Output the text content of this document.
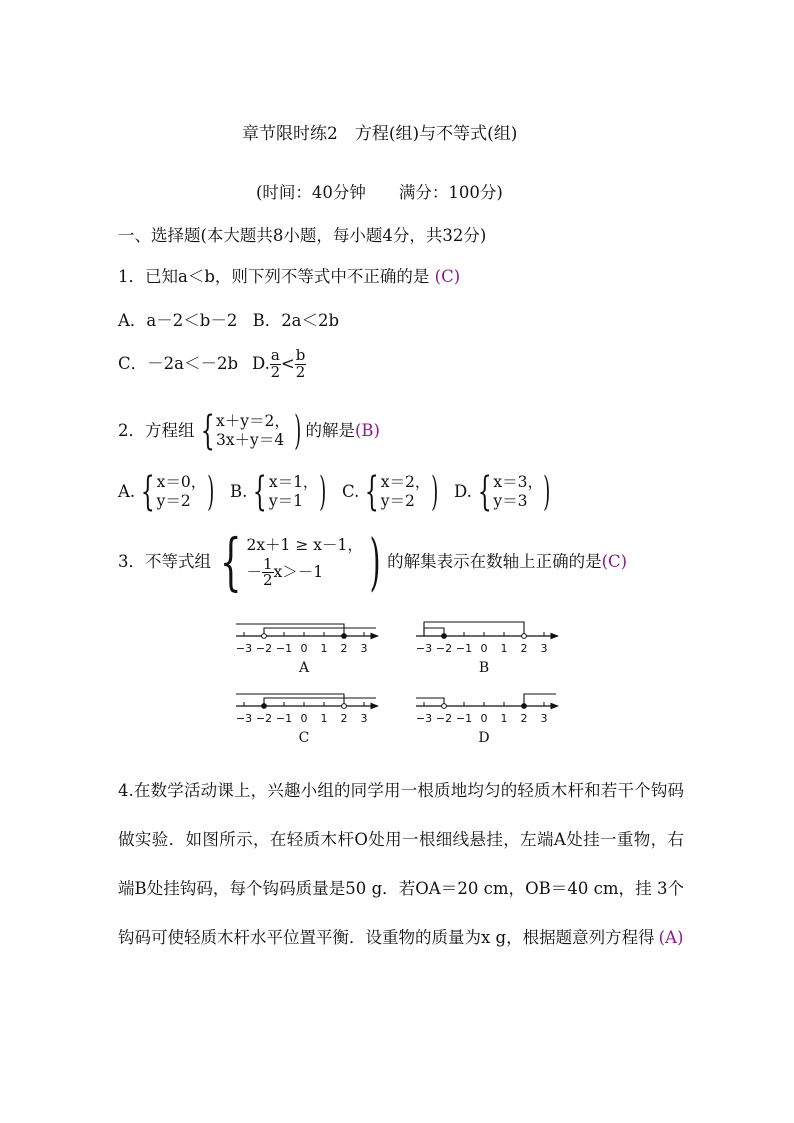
章节限时练2　方程(组)与不等式(组)
(时间：40分钟　　满分：100分)
一、选择题(本大题共8小题，每小题4分，共32分)
1．已知a＜b，则下列不等式中不正确的是 (C)
A．a－2＜b－2 B．2a＜2b
C．－2a＜－2b D. $\frac{a}{2} < \frac{b}{2}$
2．方程组 { x＋y＝2，
3x＋y＝4 ) 的解是 (B)
A. { x＝0，
y＝2 ) B. { x＝1，
y＝1 ) C. { x＝2，
y＝2 ) D. { x＝3，
y＝3 )
3．不等式组 { 2x＋1 ≥ x－1，
－ $\frac{1}{2} x>-1$ ) 的解集表示在数轴上正确的是 (C)
−3 −2 −1 0 1 2 3
A
−3 −2 −1 0 1 2 3
B
−3 −2 −1 0 1 2 3
C
−3 −2 −1 0 1 2 3
D
4.在数学活动课上，兴趣小组的同学用一根质地均匀的轻质木杆和若干个钩码做实验．如图所示，在轻质木杆O处用一根细线悬挂，左端A处挂一重物，右端B处挂钩码，每个钩码质量是50 g．若OA＝20 cm，OB＝40 cm，挂 3个 钩码可使轻质木杆水平位置平衡．设重物的质量为x g，根据题意列方程得 (A)
